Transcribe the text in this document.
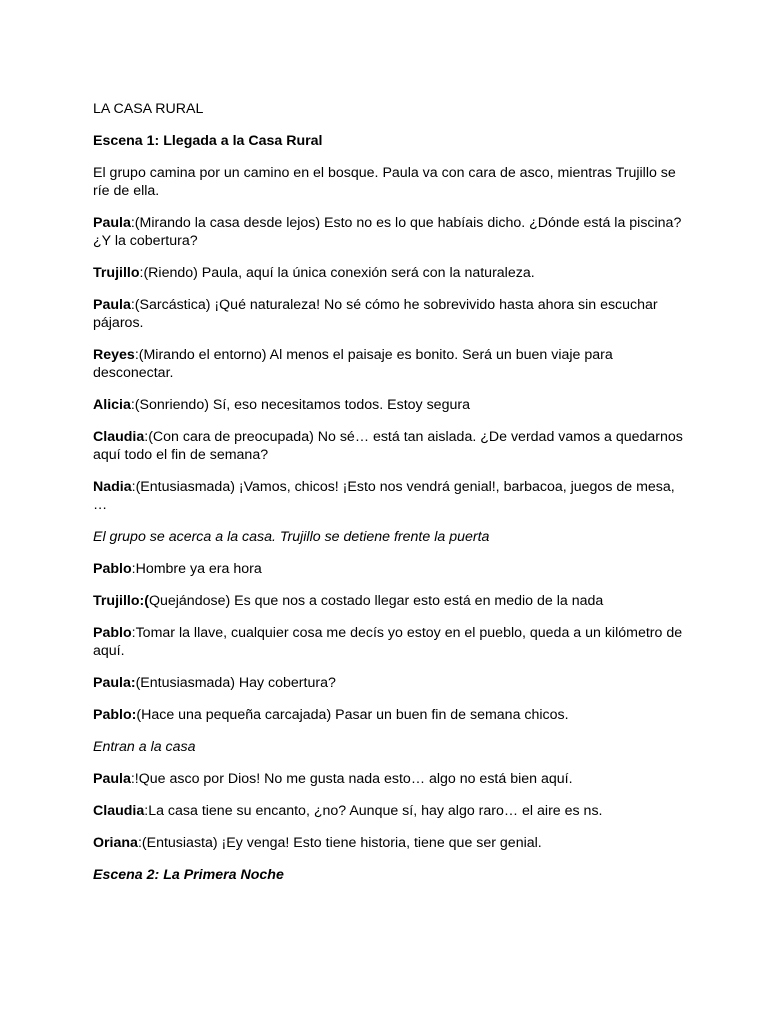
LA CASA RURAL
Escena 1: Llegada a la Casa Rural
El grupo camina por un camino en el bosque. Paula va con cara de asco, mientras Trujillo se ríe de ella.
Paula:(Mirando la casa desde lejos) Esto no es lo que habíais dicho. ¿Dónde está la piscina? ¿Y la cobertura?
Trujillo:(Riendo) Paula, aquí la única conexión será con la naturaleza.
Paula:(Sarcástica) ¡Qué naturaleza! No sé cómo he sobrevivido hasta ahora sin escuchar pájaros.
Reyes:(Mirando el entorno) Al menos el paisaje es bonito. Será un buen viaje para desconectar.
Alicia:(Sonriendo) Sí, eso necesitamos todos. Estoy segura
Claudia:(Con cara de preocupada) No sé… está tan aislada. ¿De verdad vamos a quedarnos aquí todo el fin de semana?
Nadia:(Entusiasmada) ¡Vamos, chicos! ¡Esto nos vendrá genial!, barbacoa, juegos de mesa, …
El grupo se acerca a la casa. Trujillo se detiene frente la puerta
Pablo:Hombre ya era hora
Trujillo:(Quejándose) Es que nos a costado llegar esto está en medio de la nada
Pablo:Tomar la llave, cualquier cosa me decís yo estoy en el pueblo, queda a un kilómetro de aquí.
Paula:(Entusiasmada) Hay cobertura?
Pablo:(Hace una pequeña carcajada) Pasar un buen fin de semana chicos.
Entran a la casa
Paula:!Que asco por Dios! No me gusta nada esto… algo no está bien aquí.
Claudia:La casa tiene su encanto, ¿no? Aunque sí, hay algo raro… el aire es ns.
Oriana:(Entusiasta) ¡Ey venga! Esto tiene historia, tiene que ser genial.
Escena 2: La Primera Noche
